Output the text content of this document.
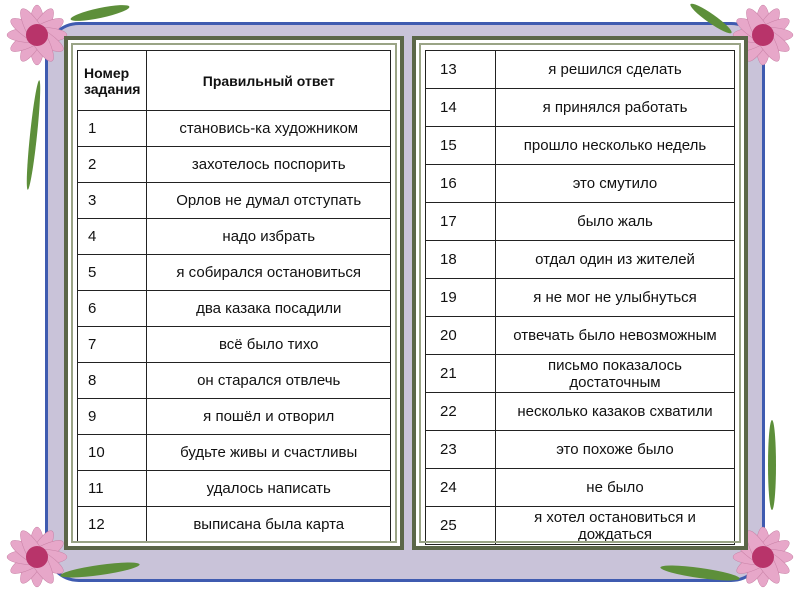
Номер задания	Правильный ответ
1	становись-ка художником
2	захотелось поспорить
3	Орлов не думал отступать
4	надо избрать
5	я собирался остановиться
6	два казака посадили
7	всё было тихо
8	он старался отвлечь
9	я пошёл и отворил
10	будьте живы и счастливы
11	удалось написать
12	выписана была карта
13	я решился сделать
14	я принялся работать
15	прошло несколько недель
16	это смутило
17	было жаль
18	отдал один из жителей
19	я не мог не улыбнуться
20	отвечать было невозможным
21	письмо показалось достаточным
22	несколько казаков схватили
23	это похоже было
24	не было
25	я хотел остановиться и дождаться
